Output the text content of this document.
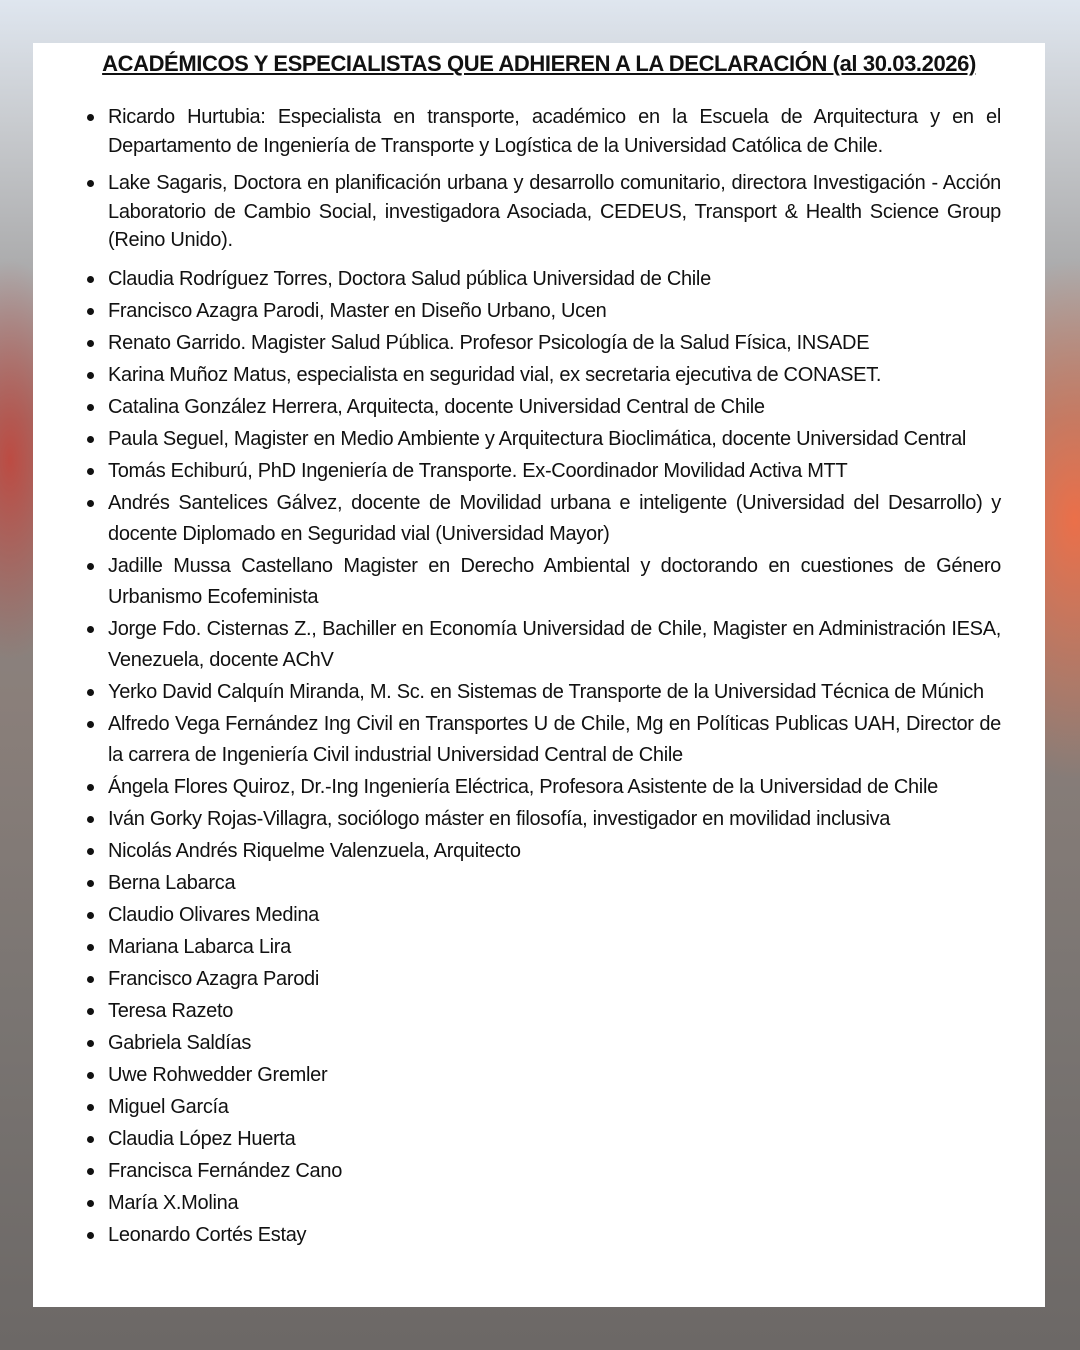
ACADÉMICOS Y ESPECIALISTAS QUE ADHIEREN A LA DECLARACIÓN (al 30.03.2026)
Ricardo Hurtubia: Especialista en transporte, académico en la Escuela de Arquitectura y en el Departamento de Ingeniería de Transporte y Logística de la Universidad Católica de Chile.
Lake Sagaris, Doctora en planificación urbana y desarrollo comunitario, directora Investigación - Acción Laboratorio de Cambio Social, investigadora Asociada, CEDEUS, Transport & Health Science Group (Reino Unido).
Claudia Rodríguez Torres, Doctora Salud pública Universidad de Chile
Francisco Azagra Parodi, Master en Diseño Urbano, Ucen
Renato Garrido. Magister Salud Pública. Profesor Psicología de la Salud Física, INSADE
Karina Muñoz Matus, especialista en seguridad vial, ex secretaria ejecutiva de CONASET.
Catalina González Herrera, Arquitecta, docente Universidad Central de Chile
Paula Seguel, Magister en Medio Ambiente y Arquitectura Bioclimática, docente Universidad Central
Tomás Echiburú, PhD Ingeniería de Transporte. Ex-Coordinador Movilidad Activa MTT
Andrés Santelices Gálvez, docente de Movilidad urbana e inteligente (Universidad del Desarrollo) y docente Diplomado en Seguridad vial (Universidad Mayor)
Jadille Mussa Castellano Magister en Derecho Ambiental y doctorando en cuestiones de Género Urbanismo Ecofeminista
Jorge Fdo. Cisternas Z., Bachiller en Economía Universidad de Chile, Magister en Administración IESA, Venezuela, docente AChV
Yerko David Calquín Miranda, M. Sc. en Sistemas de Transporte de la Universidad Técnica de Múnich
Alfredo Vega Fernández Ing Civil en Transportes U de Chile, Mg en Políticas Publicas UAH, Director de la carrera de Ingeniería Civil industrial Universidad Central de Chile
Ángela Flores Quiroz, Dr.-Ing Ingeniería Eléctrica, Profesora Asistente de la Universidad de Chile
Iván Gorky Rojas-Villagra, sociólogo máster en filosofía, investigador en movilidad inclusiva
Nicolás Andrés Riquelme Valenzuela, Arquitecto
Berna Labarca
Claudio Olivares Medina
Mariana Labarca Lira
Francisco Azagra Parodi
Teresa Razeto
Gabriela Saldías
Uwe Rohwedder Gremler
Miguel García
Claudia López Huerta
Francisca Fernández Cano
María X.Molina
Leonardo Cortés Estay
